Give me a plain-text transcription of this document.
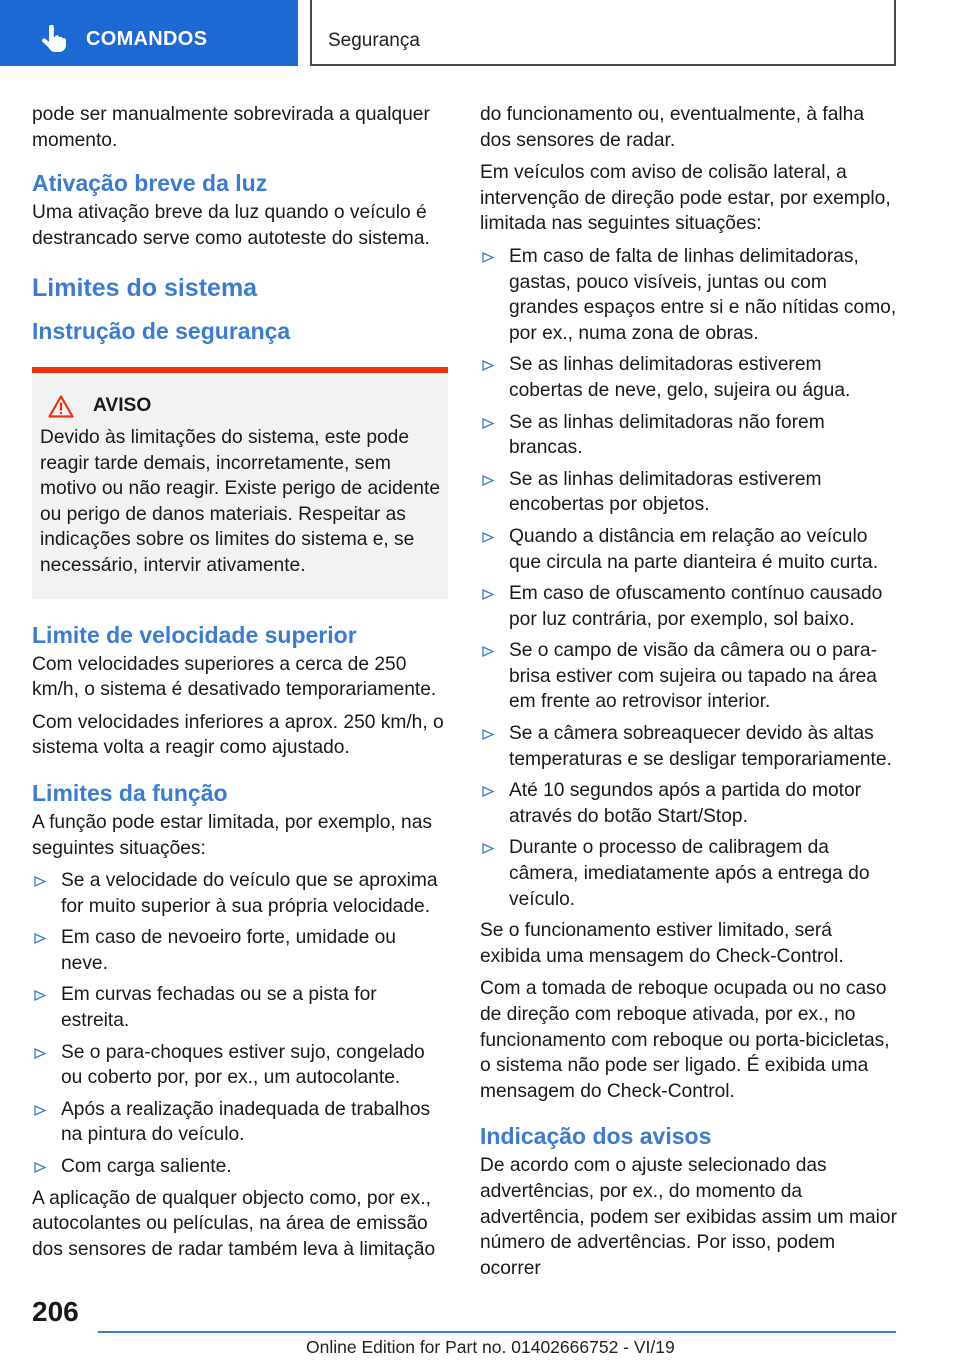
COMANDOS	Segurança

pode ser manualmente sobrevirada a qualquer momento.

Ativação breve da luz

Uma ativação breve da luz quando o veículo é destrancado serve como autoteste do sistema.

Limites do sistema
Instrução de segurança
AVISO
Devido às limitações do sistema, este pode reagir tarde demais, incorretamente, sem motivo ou não reagir. Existe perigo de acidente ou perigo de danos materiais. Respeitar as indicações sobre os limites do sistema e, se necessário, intervir ativamente.
Limite de velocidade superior

Com velocidades superiores a cerca de 250 km/h, o sistema é desativado temporariamente.

Com velocidades inferiores a aprox. 250 km/h, o sistema volta a reagir como ajustado.

Limites da função

A função pode estar limitada, por exemplo, nas seguintes situações:

Se a velocidade do veículo que se aproxima for muito superior à sua própria velocidade.
Em caso de nevoeiro forte, umidade ou neve.
Em curvas fechadas ou se a pista for estreita.
Se o para-choques estiver sujo, congelado ou coberto por, por ex., um autocolante.
Após a realização inadequada de trabalhos na pintura do veículo.
Com carga saliente.

A aplicação de qualquer objecto como, por ex., autocolantes ou películas, na área de emissão dos sensores de radar também leva à limitação

do funcionamento ou, eventualmente, à falha dos sensores de radar.

Em veículos com aviso de colisão lateral, a intervenção de direção pode estar, por exemplo, limitada nas seguintes situações:

Em caso de falta de linhas delimitadoras, gastas, pouco visíveis, juntas ou com grandes espaços entre si e não nítidas como, por ex., numa zona de obras.
Se as linhas delimitadoras estiverem cobertas de neve, gelo, sujeira ou água.
Se as linhas delimitadoras não forem brancas.
Se as linhas delimitadoras estiverem encobertas por objetos.
Quando a distância em relação ao veículo que circula na parte dianteira é muito curta.
Em caso de ofuscamento contínuo causado por luz contrária, por exemplo, sol baixo.
Se o campo de visão da câmera ou o para-brisa estiver com sujeira ou tapado na área em frente ao retrovisor interior.
Se a câmera sobreaquecer devido às altas temperaturas e se desligar temporariamente.
Até 10 segundos após a partida do motor através do botão Start/Stop.
Durante o processo de calibragem da câmera, imediatamente após a entrega do veículo.

Se o funcionamento estiver limitado, será exibida uma mensagem do Check-Control.

Com a tomada de reboque ocupada ou no caso de direção com reboque ativada, por ex., no funcionamento com reboque ou porta-bicicletas, o sistema não pode ser ligado. É exibida uma mensagem do Check-Control.

Indicação dos avisos

De acordo com o ajuste selecionado das advertências, por ex., do momento da advertência, podem ser exibidas assim um maior número de advertências. Por isso, podem ocorrer

206
Online Edition for Part no. 01402666752 - VI/19
